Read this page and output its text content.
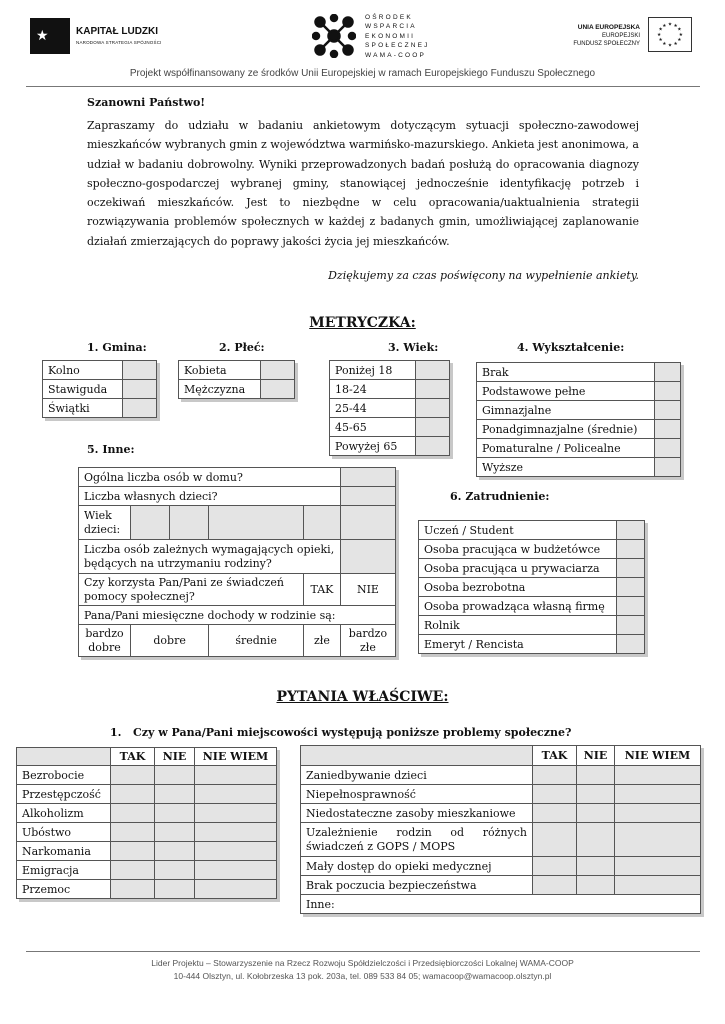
★	KAPITAŁ LUDZKI
NARODOWA STRATEGIA SPÓJNOŚCI
OŚRODEK
WSPARCIA
EKONOMII
SPOŁECZNEJ
WAMA-COOP
UNIA EUROPEJSKA
EUROPEJSKI
FUNDUSZ SPOŁECZNY
★ ★
★
★
★
★
★
★
★
★
★
★
Projekt współfinansowany ze środków Unii Europejskiej w ramach Europejskiego Funduszu Społecznego
Szanowni Państwo!
Zapraszamy do udziału w badaniu ankietowym dotyczącym sytuacji społeczno-zawodowej mieszkańców wybranych gmin z województwa warmińsko-mazurskiego. Ankieta jest anonimowa, a udział w badaniu dobrowolny. Wyniki przeprowadzonych badań posłużą do opracowania diagnozy społeczno-gospodarczej wybranej gminy, stanowiącej jednocześnie identyfikację potrzeb i oczekiwań mieszkańców. Jest to niezbędne w celu opracowania/uaktualnienia strategii rozwiązywania problemów społecznych w każdej z badanych gmin, umożliwiającej zaplanowanie działań zmierzających do poprawy jakości życia jej mieszkańców.
Dziękujemy za czas poświęcony na wypełnienie ankiety.
METRYCZKA:
1. Gmina:	2. Płeć:	3. Wiek:	4. Wykształcenie:
Kolno	
Stawiguda	
Świątki	
Kobieta	
Mężczyzna	
Poniżej 18	
18-24	
25-44	
45-65	
Powyżej 65	
Brak	
Podstawowe pełne	
Gimnazjalne	
Ponadgimnazjalne (średnie)	
Pomaturalne / Policealne	
Wyższe	
5. Inne:
Ogólna liczba osób w domu?					
Liczba własnych dzieci?					
Wiek dzieci:					
Liczba osób zależnych wymagających opieki, będących na utrzymaniu rodziny?					
Czy korzysta Pan/Pani ze świadczeń pomocy społecznej?				TAK	NIE
Pana/Pani miesięczne dochody w rodzinie są:					
bardzo dobre	dobre		średnie	złe	bardzo złe
6. Zatrudnienie:
Uczeń / Student	
Osoba pracująca w budżetówce	
Osoba pracująca u prywaciarza	
Osoba bezrobotna	
Osoba prowadząca własną firmę	
Rolnik	
Emeryt / Rencista	
PYTANIA WŁAŚCIWE:
1.   Czy w Pana/Pani miejscowości występują poniższe problemy społeczne?
	TAK	NIE	NIE WIEM
Bezrobocie			
Przestępczość			
Alkoholizm			
Ubóstwo			
Narkomania			
Emigracja			
Przemoc			
	TAK	NIE	NIE WIEM
Zaniedbywanie dzieci			
Niepełnosprawność			
Niedostateczne zasoby mieszkaniowe			
Uzależnienie rodzin od różnych świadczeń z GOPS / MOPS			
Mały dostęp do opieki medycznej			
Brak poczucia bezpieczeństwa			
Inne:			
Lider Projektu – Stowarzyszenie na Rzecz Rozwoju Spółdzielczości i Przedsiębiorczości Lokalnej WAMA-COOP
10-444 Olsztyn, ul. Kołobrzeska 13 pok. 203a, tel. 089 533 84 05; wamacoop@wamacoop.olsztyn.pl
